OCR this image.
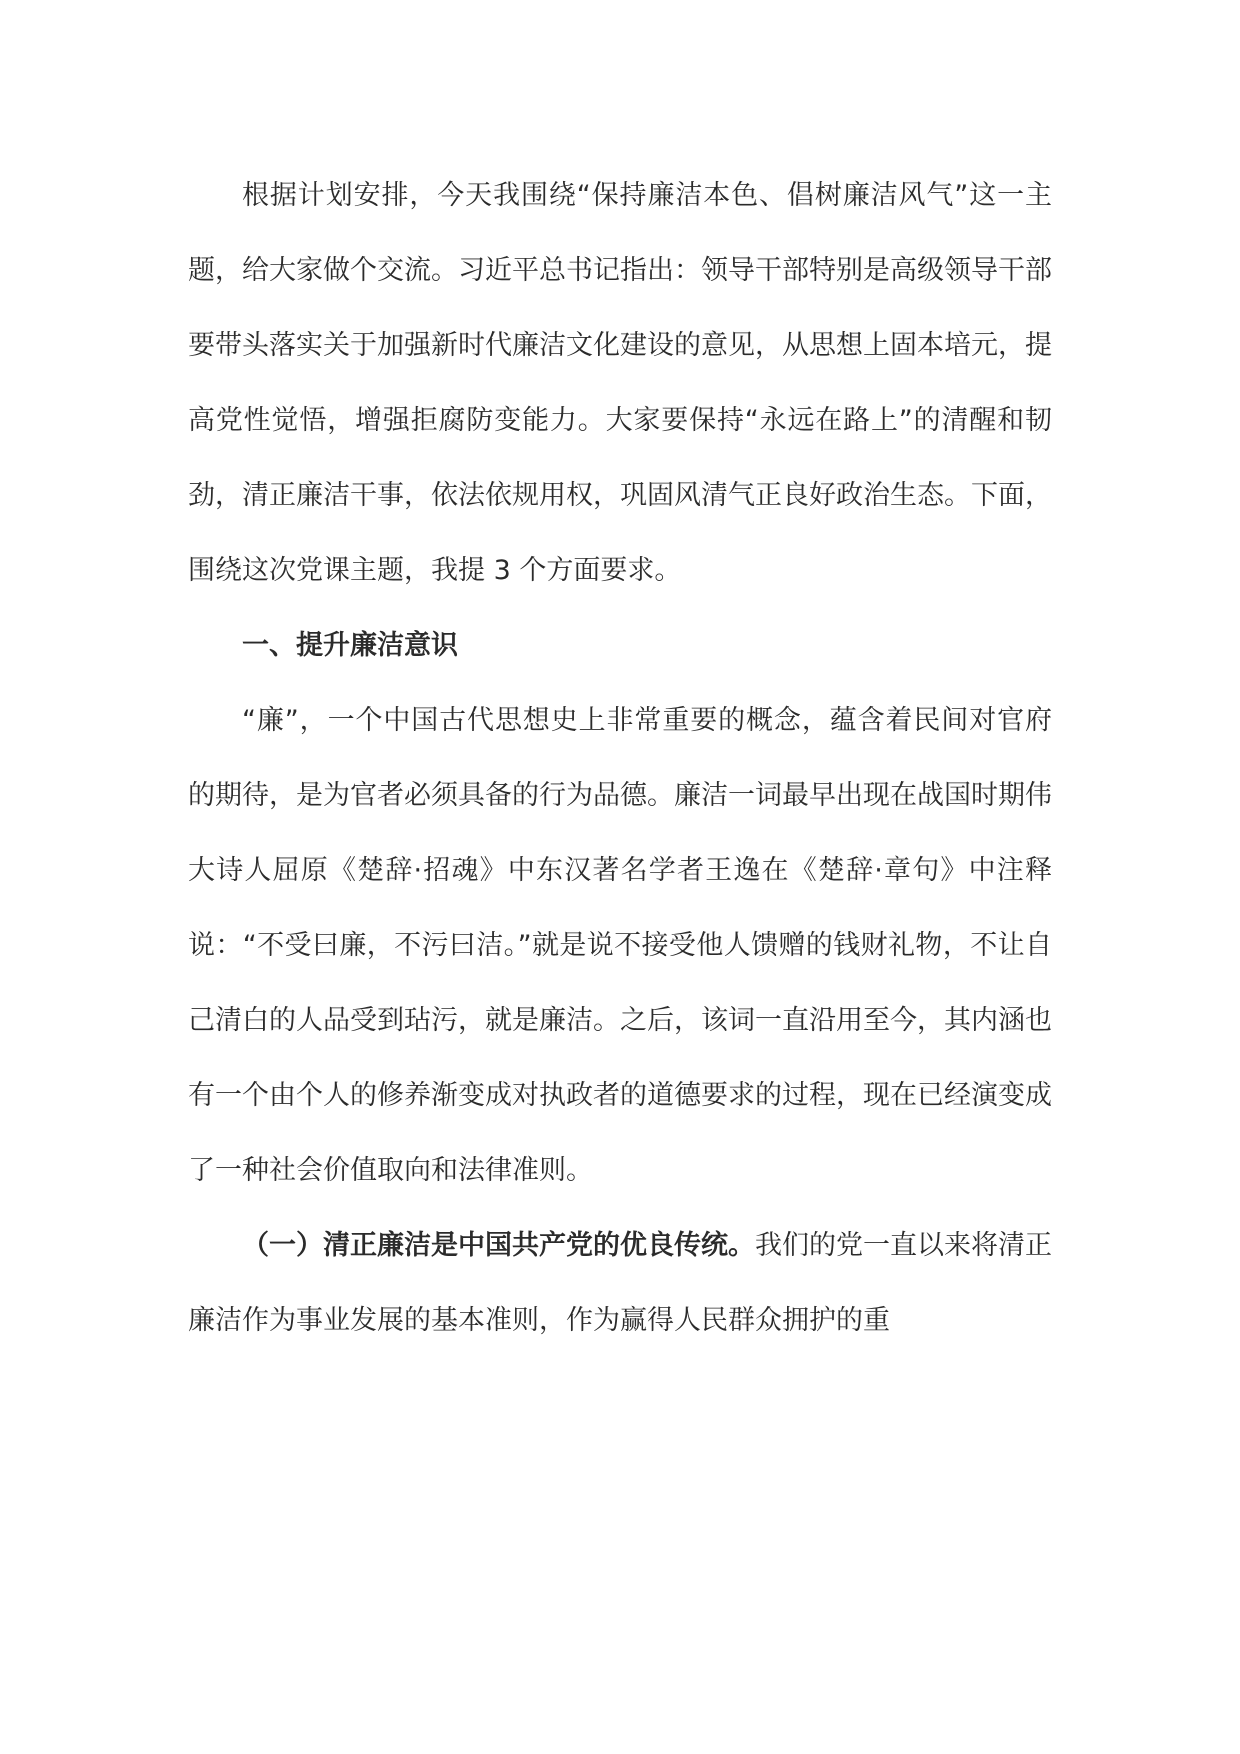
根据计划安排，今天我围绕“保持廉洁本色、倡树廉洁风气”这一主题，给大家做个交流。习近平总书记指出：领导干部特别是高级领导干部要带头落实关于加强新时代廉洁文化建设的意见，从思想上固本培元，提高党性觉悟，增强拒腐防变能力。大家要保持“永远在路上”的清醒和韧劲，清正廉洁干事，依法依规用权，巩固风清气正良好政治生态。下面，围绕这次党课主题，我提 3 个方面要求。

一、提升廉洁意识

“廉”，一个中国古代思想史上非常重要的概念，蕴含着民间对官府的期待，是为官者必须具备的行为品德。廉洁一词最早出现在战国时期伟大诗人屈原《楚辞·招魂》中东汉著名学者王逸在《楚辞·章句》中注释说：“不受曰廉，不污曰洁。”就是说不接受他人馈赠的钱财礼物，不让自己清白的人品受到玷污，就是廉洁。之后，该词一直沿用至今，其内涵也有一个由个人的修养渐变成对执政者的道德要求的过程，现在已经演变成了一种社会价值取向和法律准则。

（一）清正廉洁是中国共产党的优良传统。我们的党一直以来将清正廉洁作为事业发展的基本准则，作为赢得人民群众拥护的重
